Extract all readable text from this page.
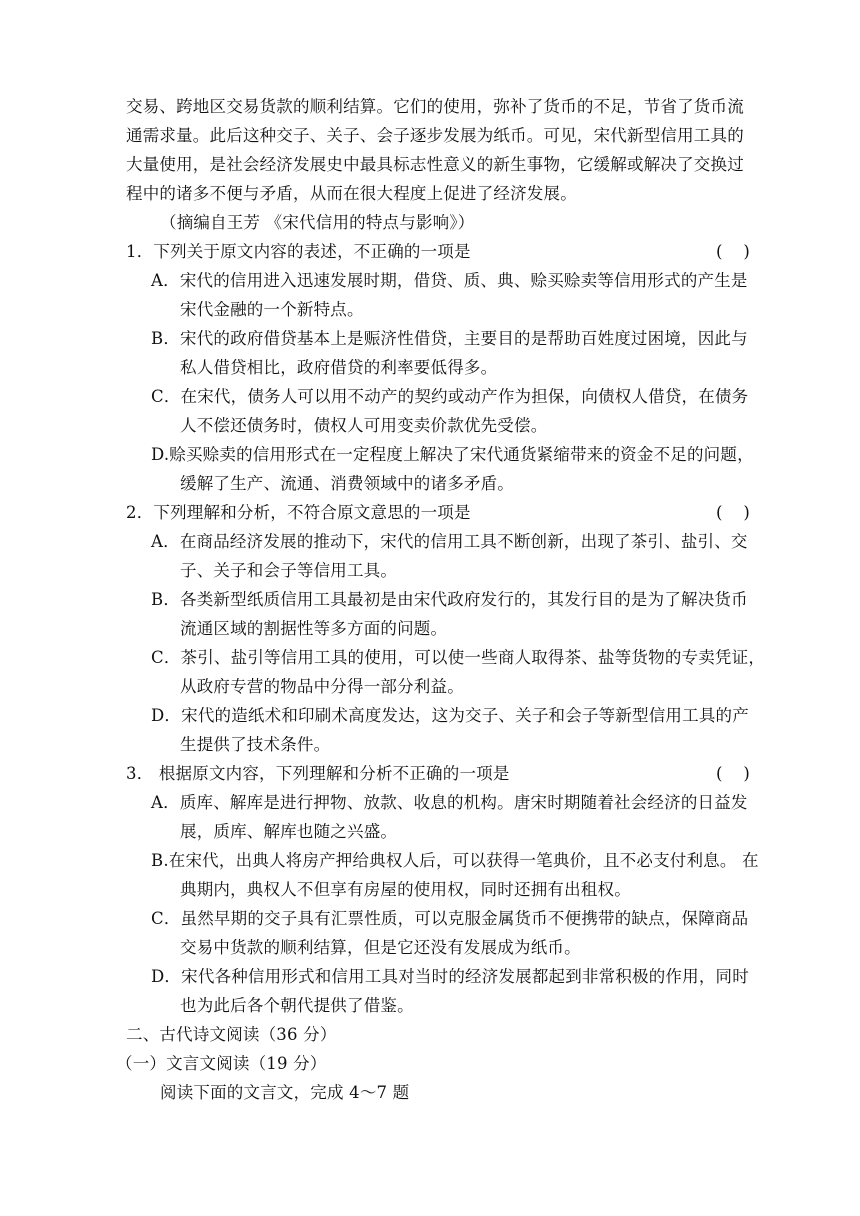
交易、跨地区交易货款的顺利结算。它们的使用，弥补了货币的不足，节省了货币流
通需求量。此后这种交子、关子、会子逐步发展为纸币。可见，宋代新型信用工具的
大量使用，是社会经济发展史中最具标志性意义的新生事物，它缓解或解决了交换过
程中的诸多不便与矛盾，从而在很大程度上促进了经济发展。
（摘编自王芳 《宋代信用的特点与影响》）
1．下列关于原文内容的表述，不正确的一项是	(    )
A．宋代的信用进入迅速发展时期，借贷、质、典、赊买赊卖等信用形式的产生是
宋代金融的一个新特点。
B．宋代的政府借贷基本上是赈济性借贷，主要目的是帮助百姓度过困境，因此与
私人借贷相比，政府借贷的利率要低得多。
C．在宋代，债务人可以用不动产的契约或动产作为担保，向债权人借贷，在债务
人不偿还债务时，债权人可用变卖价款优先受偿。
D.赊买赊卖的信用形式在一定程度上解决了宋代通货紧缩带来的资金不足的问题，
缓解了生产、流通、消费领域中的诸多矛盾。
2．下列理解和分析，不符合原文意思的一项是	(    )
A．在商品经济发展的推动下，宋代的信用工具不断创新，出现了茶引、盐引、交
子、关子和会子等信用工具。
B．各类新型纸质信用工具最初是由宋代政府发行的，其发行目的是为了解决货币
流通区域的割据性等多方面的问题。
C．茶引、盐引等信用工具的使用，可以使一些商人取得茶、盐等货物的专卖凭证，
从政府专营的物品中分得一部分利益。
D．宋代的造纸术和印刷术高度发达，这为交子、关子和会子等新型信用工具的产
生提供了技术条件。
3． 根据原文内容，下列理解和分析不正确的一项是	(    )
A．质库、解库是进行押物、放款、收息的机构。唐宋时期随着社会经济的日益发
展，质库、解库也随之兴盛。
B.在宋代，出典人将房产押给典权人后，可以获得一笔典价，且不必支付利息。 在
典期内，典权人不但享有房屋的使用权，同时还拥有出租权。
C．虽然早期的交子具有汇票性质，可以克服金属货币不便携带的缺点，保障商品
交易中货款的顺利结算，但是它还没有发展成为纸币。
D．宋代各种信用形式和信用工具对当时的经济发展都起到非常积极的作用，同时
也为此后各个朝代提供了借鉴。
二、古代诗文阅读（36 分）
（一）文言文阅读（19 分）
阅读下面的文言文，完成 4～7 题
